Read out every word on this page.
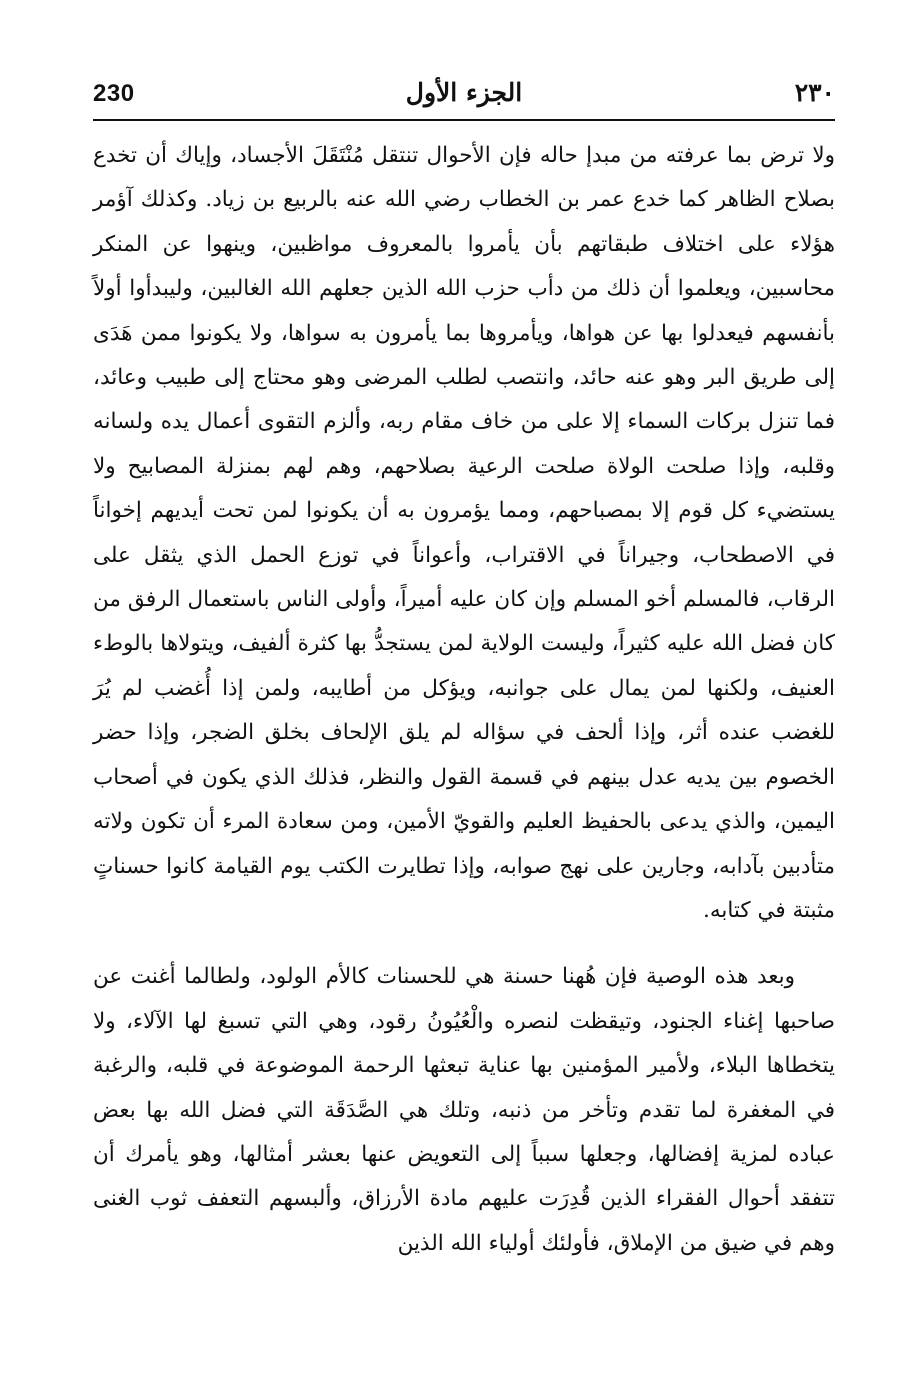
230	الجزء الأول	٢٣٠

ولا ترض بما عرفته من مبدإ حاله فإن الأحوال تنتقل مُنْتَقَلَ الأجساد، وإياك أن تخدع بصلاح الظاهر كما خدع عمر بن الخطاب رضي الله عنه بالربيع بن زياد. وكذلك آؤمر هؤلاء على اختلاف طبقاتهم بأن يأمروا بالمعروف مواظبين، وينهوا عن المنكر محاسبين، ويعلموا أن ذلك من دأب حزب الله الذين جعلهم الله الغالبين، وليبدأوا أولاً بأنفسهم فيعدلوا بها عن هواها، ويأمروها بما يأمرون به سواها، ولا يكونوا ممن هَدَى إلى طريق البر وهو عنه حائد، وانتصب لطلب المرضى وهو محتاج إلى طبيب وعائد، فما تنزل بركات السماء إلا على من خاف مقام ربه، وألزم التقوى أعمال يده ولسانه وقلبه، وإذا صلحت الولاة صلحت الرعية بصلاحهم، وهم لهم بمنزلة المصابيح ولا يستضيء كل قوم إلا بمصباحهم، ومما يؤمرون به أن يكونوا لمن تحت أيديهم إخواناً في الاصطحاب، وجيراناً في الاقتراب، وأعواناً في توزع الحمل الذي يثقل على الرقاب، فالمسلم أخو المسلم وإن كان عليه أميراً، وأولى الناس باستعمال الرفق من كان فضل الله عليه كثيراً، وليست الولاية لمن يستجدُّ بها كثرة ألفيف، ويتولاها بالوطء العنيف، ولكنها لمن يمال على جوانبه، ويؤكل من أطايبه، ولمن إذا أُغضب لم يُرَ للغضب عنده أثر، وإذا ألحف في سؤاله لم يلق الإلحاف بخلق الضجر، وإذا حضر الخصوم بين يديه عدل بينهم في قسمة القول والنظر، فذلك الذي يكون في أصحاب اليمين، والذي يدعى بالحفيظ العليم والقويّ الأمين، ومن سعادة المرء أن تكون ولاته متأدبين بآدابه، وجارين على نهج صوابه، وإذا تطايرت الكتب يوم القيامة كانوا حسناتٍ مثبتة في كتابه.

وبعد هذه الوصية فإن هُهنا حسنة هي للحسنات كالأم الولود، ولطالما أغنت عن صاحبها إغناء الجنود، وتيقظت لنصره والْعُيُونُ رقود، وهي التي تسبغ لها الآلاء، ولا يتخطاها البلاء، ولأمير المؤمنين بها عناية تبعثها الرحمة الموضوعة في قلبه، والرغبة في المغفرة لما تقدم وتأخر من ذنبه، وتلك هي الصَّدَقَة التي فضل الله بها بعض عباده لمزية إفضالها، وجعلها سبباً إلى التعويض عنها بعشر أمثالها، وهو يأمرك أن تتفقد أحوال الفقراء الذين قُدِرَت عليهم مادة الأرزاق، وألبسهم التعفف ثوب الغنى وهم في ضيق من الإملاق، فأولئك أولياء الله الذين
